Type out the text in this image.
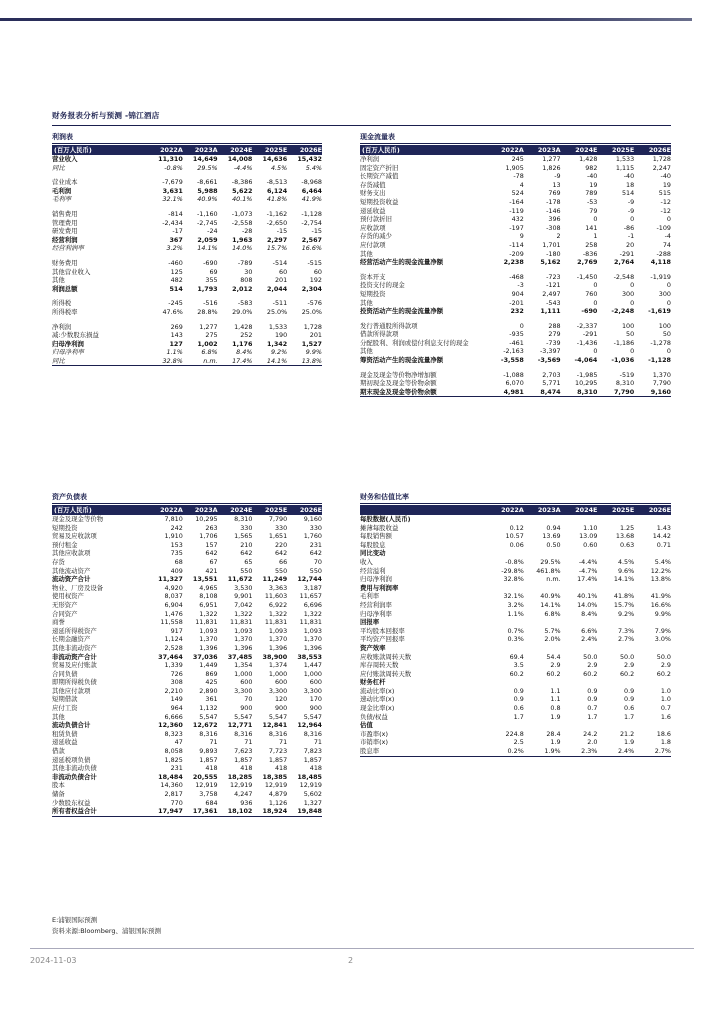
财务报表分析与预测 -锦江酒店
利润表
(百万人民币)	2022A	2023A	2024E	2025E	2026E
营业收入	11,310	14,649	14,008	14,636	15,432
同比	-0.8%	29.5%	-4.4%	4.5%	5.4%

营业成本	-7,679	-8,661	-8,386	-8,513	-8,968
毛利润	3,631	5,988	5,622	6,124	6,464
毛利率	32.1%	40.9%	40.1%	41.8%	41.9%

销售费用	-814	-1,160	-1,073	-1,162	-1,128
管理费用	-2,434	-2,745	-2,558	-2,650	-2,754
研发费用	-17	-24	-28	-15	-15
经营利润	367	2,059	1,963	2,297	2,567
经营利润率	3.2%	14.1%	14.0%	15.7%	16.6%

财务费用	-460	-690	-789	-514	-515
其他营业收入	125	69	30	60	60
其他	482	355	808	201	192
利润总额	514	1,793	2,012	2,044	2,304

所得税	-245	-516	-583	-511	-576
所得税率	47.6%	28.8%	29.0%	25.0%	25.0%

净利润	269	1,277	1,428	1,533	1,728
减:少数股东损益	143	275	252	190	201
归母净利润	127	1,002	1,176	1,342	1,527
归母净利率	1.1%	6.8%	8.4%	9.2%	9.9%
同比	32.8%	n.m.	17.4%	14.1%	13.8%
现金流量表
(百万人民币)	2022A	2023A	2024E	2025E	2026E
净利润	245	1,277	1,428	1,533	1,728
固定资产折旧	1,905	1,826	982	1,115	2,247
长期资产减值	-78	-9	-40	-40	-40
存货减值	4	13	19	18	19
财务支出	524	769	789	514	515
短期投资收益	-164	-178	-53	-9	-12
递延收益	-119	-146	79	-9	-12
预付款折旧	432	396	0	0	0
应收款项	-197	-308	141	-86	-109
存货的减少	9	2	1	-1	-4
应付款项	-114	1,701	258	20	74
其他	-209	-180	-836	-291	-288
经营活动产生的现金流量净额	2,238	5,162	2,769	2,764	4,118

资本开支	-468	-723	-1,450	-2,548	-1,919
投资支付的现金	-3	-121	0	0	0
短期投资	904	2,497	760	300	300
其他	-201	-543	0	0	0
投资活动产生的现金流量净额	232	1,111	-690	-2,248	-1,619

发行普通股所得款项	0	288	-2,337	100	100
借款所得款项	-935	279	-291	50	50
分配股利、利润或偿付利息支付的现金	-461	-739	-1,436	-1,186	-1,278
其他	-2,163	-3,397	0	0	0
筹资活动产生的现金流量净额	-3,558	-3,569	-4,064	-1,036	-1,128

现金及现金等价物净增加额	-1,088	2,703	-1,985	-519	1,370
期初现金及现金等价物余额	6,070	5,771	10,295	8,310	7,790
期末现金及现金等价物余额	4,981	8,474	8,310	7,790	9,160
资产负债表
(百万人民币)	2022A	2023A	2024E	2025E	2026E
现金及现金等价物	7,810	10,295	8,310	7,790	9,160
短期投资	242	263	330	330	330
贸易及应收款项	1,910	1,706	1,565	1,651	1,760
预付租金	153	157	210	220	231
其他应收款项	735	642	642	642	642
存货	68	67	65	66	70
其他流动资产	409	421	550	550	550
流动资产合计	11,327	13,551	11,672	11,249	12,744
物业、厂房及设备	4,920	4,965	3,530	3,363	3,187
使用权资产	8,037	8,108	9,901	11,603	11,657
无形资产	6,904	6,951	7,042	6,922	6,696
合同资产	1,476	1,322	1,322	1,322	1,322
商誉	11,558	11,831	11,831	11,831	11,831
递延所得税资产	917	1,093	1,093	1,093	1,093
长期金融资产	1,124	1,370	1,370	1,370	1,370
其他非流动资产	2,528	1,396	1,396	1,396	1,396
非流动资产合计	37,464	37,036	37,485	38,900	38,553
贸易及应付账款	1,339	1,449	1,354	1,374	1,447
合同负债	726	869	1,000	1,000	1,000
即期所得税负债	308	425	600	600	600
其他应付款项	2,210	2,890	3,300	3,300	3,300
短期借款	149	361	70	120	170
应付工资	964	1,132	900	900	900
其他	6,666	5,547	5,547	5,547	5,547
流动负债合计	12,360	12,672	12,771	12,841	12,964
租赁负债	8,323	8,316	8,316	8,316	8,316
递延收益	47	71	71	71	71
借款	8,058	9,893	7,623	7,723	7,823
递延税项负债	1,825	1,857	1,857	1,857	1,857
其他非流动负债	231	418	418	418	418
非流动负债合计	18,484	20,555	18,285	18,385	18,485
股本	14,360	12,919	12,919	12,919	12,919
储备	2,817	3,758	4,247	4,879	5,602
少数股东权益	770	684	936	1,126	1,327
所有者权益合计	17,947	17,361	18,102	18,924	19,848
财务和估值比率
	2022A	2023A	2024E	2025E	2026E
每股数据(人民币)					
摊薄每股收益	0.12	0.94	1.10	1.25	1.43
每股销售额	10.57	13.69	13.09	13.68	14.42
每股股息	0.06	0.50	0.60	0.63	0.71
同比变动					
收入	-0.8%	29.5%	-4.4%	4.5%	5.4%
经营溢利	-29.8%	461.8%	-4.7%	9.6%	12.2%
归母净利润	32.8%	n.m.	17.4%	14.1%	13.8%
费用与利润率					
毛利率	32.1%	40.9%	40.1%	41.8%	41.9%
经营利润率	3.2%	14.1%	14.0%	15.7%	16.6%
归母净利率	1.1%	6.8%	8.4%	9.2%	9.9%
回报率					
平均股本回报率	0.7%	5.7%	6.6%	7.3%	7.9%
平均资产回报率	0.3%	2.0%	2.4%	2.7%	3.0%
资产效率					
应收账款周转天数	69.4	54.4	50.0	50.0	50.0
库存周转天数	3.5	2.9	2.9	2.9	2.9
应付账款周转天数	60.2	60.2	60.2	60.2	60.2
财务杠杆					
流动比率(x)	0.9	1.1	0.9	0.9	1.0
速动比率(x)	0.9	1.1	0.9	0.9	1.0
现金比率(x)	0.6	0.8	0.7	0.6	0.7
负债/权益	1.7	1.9	1.7	1.7	1.6
估值					
市盈率(x)	224.8	28.4	24.2	21.2	18.6
市销率(x)	2.5	1.9	2.0	1.9	1.8
股息率	0.2%	1.9%	2.3%	2.4%	2.7%
E:浦银国际预测
资料来源:Bloomberg、浦银国际预测
2024-11-03	2
